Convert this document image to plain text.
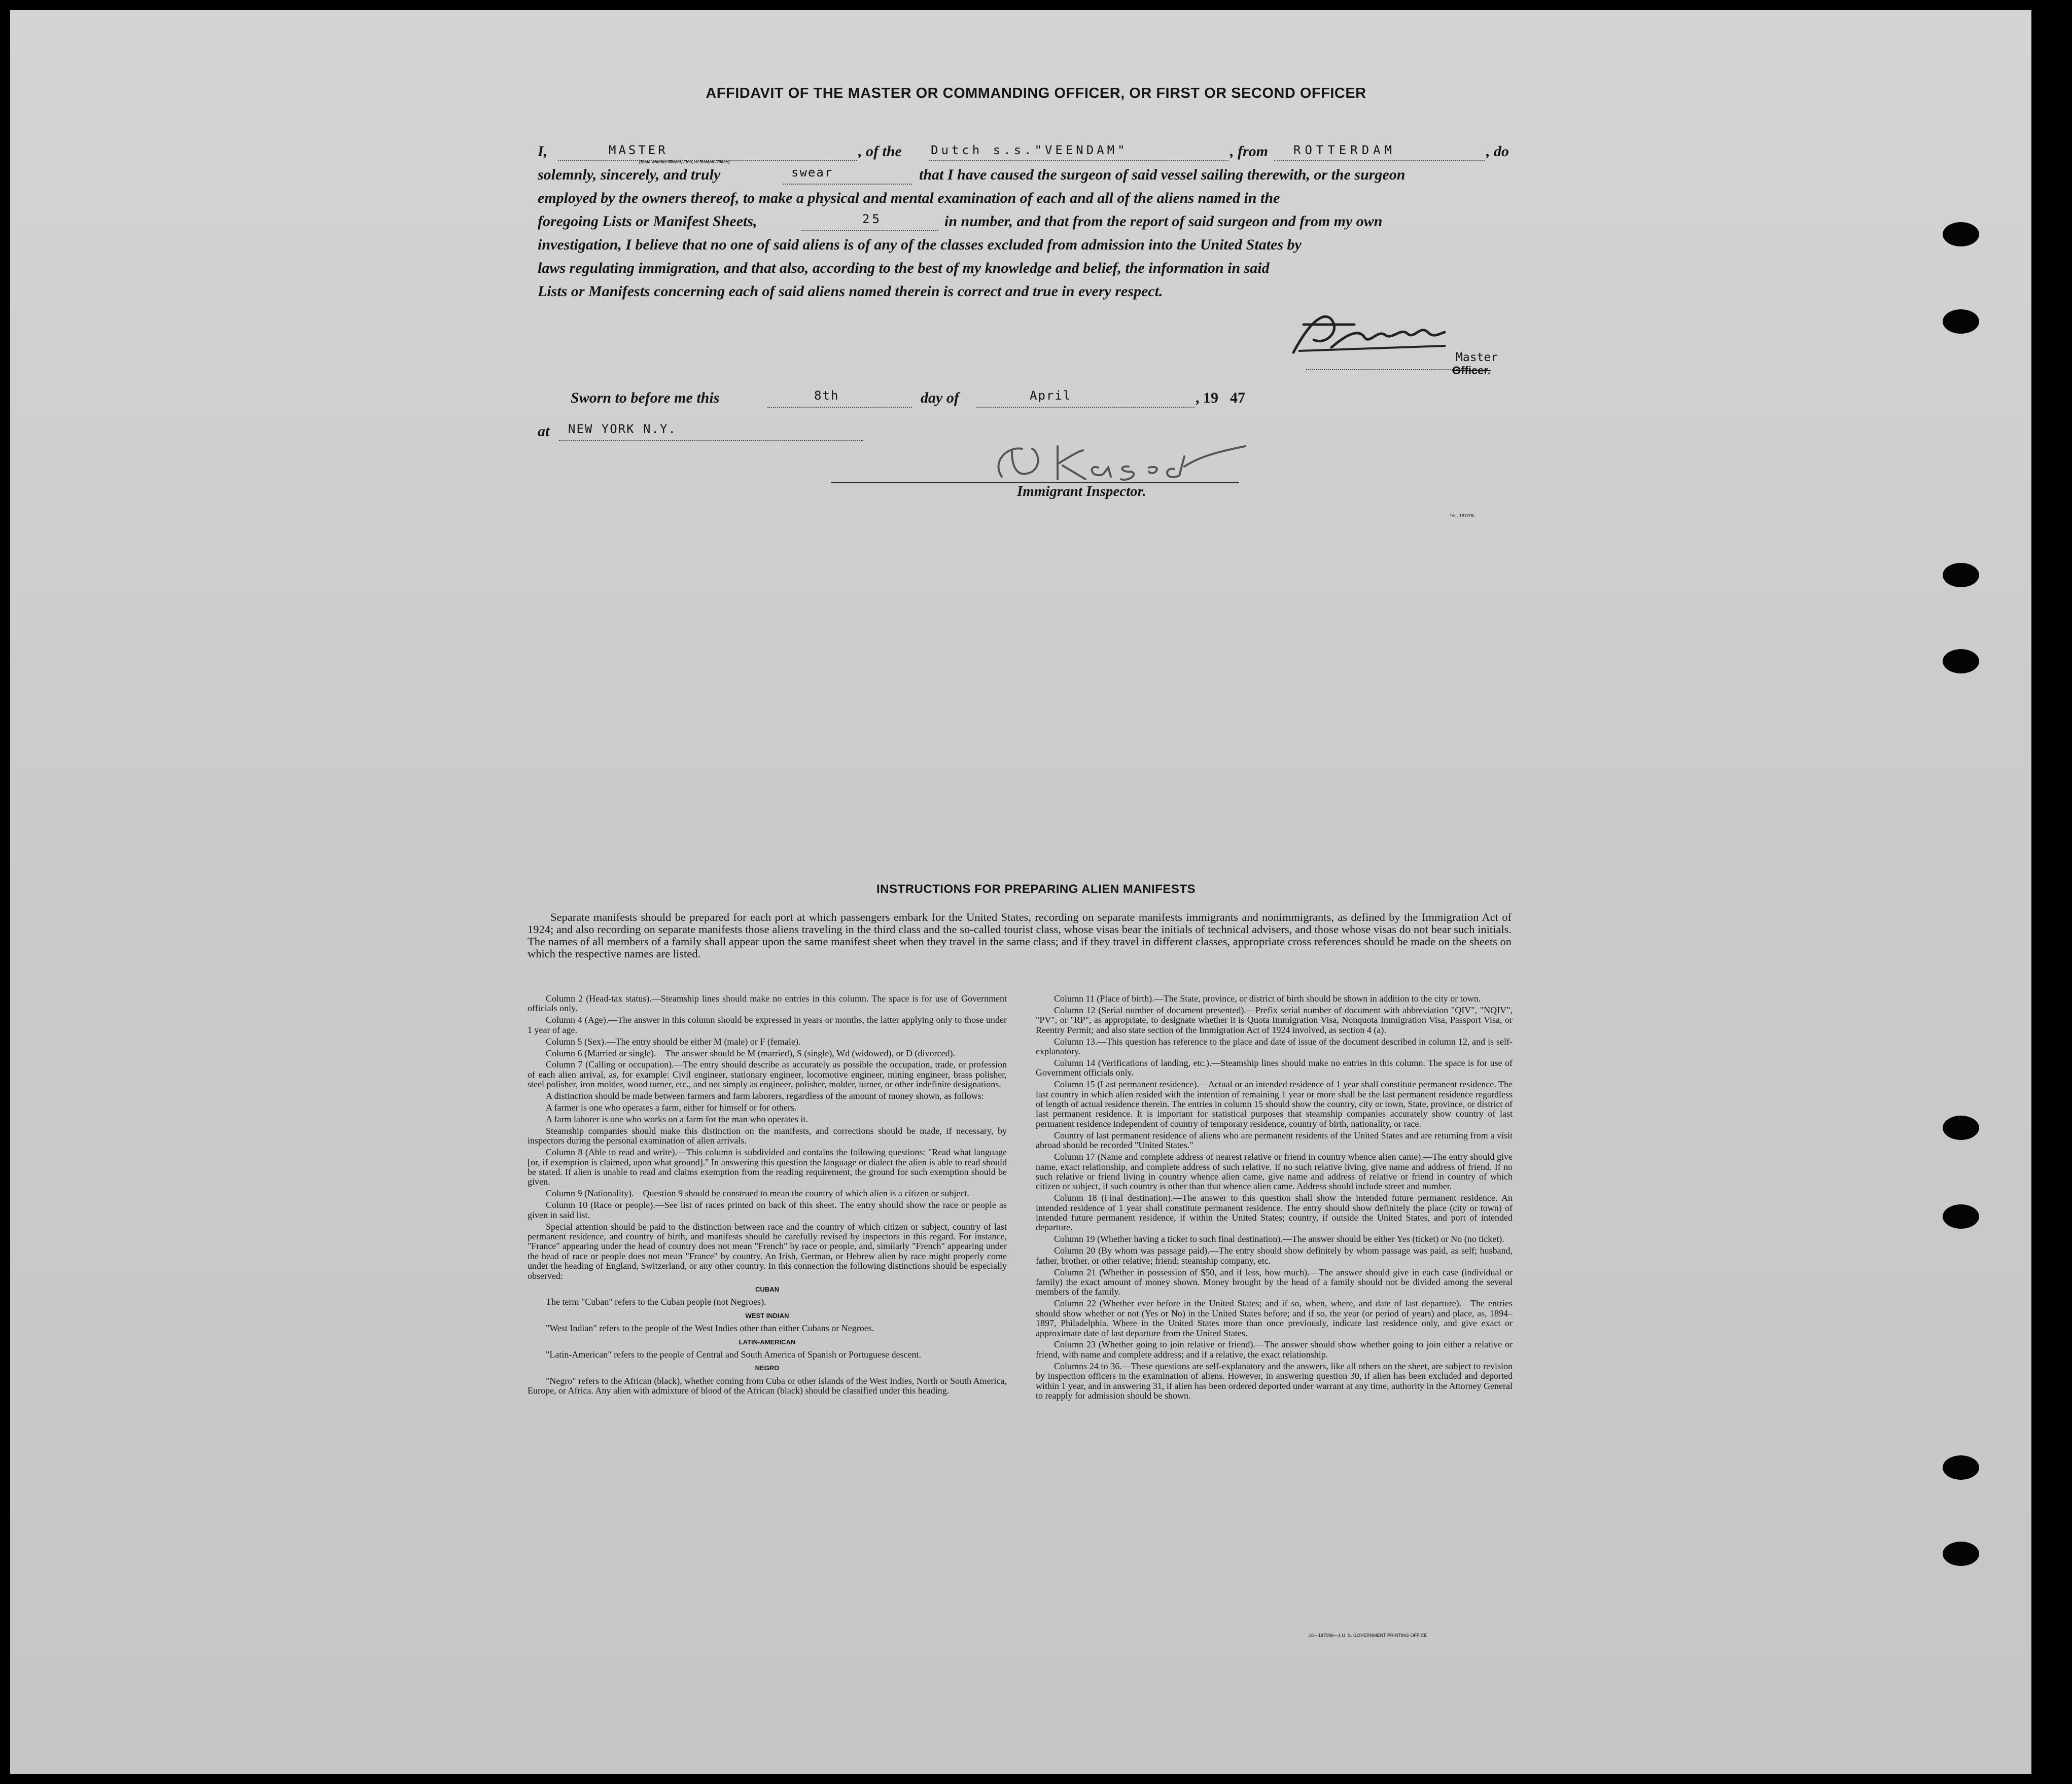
AFFIDAVIT OF THE MASTER OR COMMANDING OFFICER, OR FIRST OR SECOND OFFICER
I,	MASTER
(State whether Master, First, or Second Officer)
, of the Dutch s.s."VEENDAM"	, from ROTTERDAM	, do
solemnly, sincerely, and truly	swear	that I have caused the surgeon of said vessel sailing therewith, or the surgeon
employed by the owners thereof, to make a physical and mental examination of each and all of the aliens named in the
foregoing Lists or Manifest Sheets,	25	in number, and that from the report of said surgeon and from my own
investigation, I believe that no one of said aliens is of any of the classes excluded from admission into the United States by
laws regulating immigration, and that also, according to the best of my knowledge and belief, the information in said
Lists or Manifests concerning each of said aliens named therein is correct and true in every respect.
Master
Officer.
Sworn to before me this	8th	day of	April	, 19 47
at NEW YORK N.Y.
Immigrant Inspector.
16—18709b
INSTRUCTIONS FOR PREPARING ALIEN MANIFESTS
Separate manifests should be prepared for each port at which passengers embark for the United States, recording on separate manifests immigrants and nonimmigrants, as defined by the Immigration Act of 1924; and also recording on separate manifests those aliens traveling in the third class and the so-called tourist class, whose visas bear the initials of technical advisers, and those whose visas do not bear such initials. The names of all members of a family shall appear upon the same manifest sheet when they travel in the same class; and if they travel in different classes, appropriate cross references should be made on the sheets on which the respective names are listed.

Column 2 (Head-tax status).—Steamship lines should make no entries in this column. The space is for use of Government officials only.

Column 4 (Age).—The answer in this column should be expressed in years or months, the latter applying only to those under 1 year of age.

Column 5 (Sex).—The entry should be either M (male) or F (female).

Column 6 (Married or single).—The answer should be M (married), S (single), Wd (widowed), or D (divorced).

Column 7 (Calling or occupation).—The entry should describe as accurately as possible the occupation, trade, or profession of each alien arrival, as, for example: Civil engineer, stationary engineer, locomotive engineer, mining engineer, brass polisher, steel polisher, iron molder, wood turner, etc., and not simply as engineer, polisher, molder, turner, or other indefinite designations.

A distinction should be made between farmers and farm laborers, regardless of the amount of money shown, as follows:

A farmer is one who operates a farm, either for himself or for others.

A farm laborer is one who works on a farm for the man who operates it.

Steamship companies should make this distinction on the manifests, and corrections should be made, if necessary, by inspectors during the personal examination of alien arrivals.

Column 8 (Able to read and write).—This column is subdivided and contains the following questions: "Read what language [or, if exemption is claimed, upon what ground]." In answering this question the language or dialect the alien is able to read should be stated. If alien is unable to read and claims exemption from the reading requirement, the ground for such exemption should be given.

Column 9 (Nationality).—Question 9 should be construed to mean the country of which alien is a citizen or subject.

Column 10 (Race or people).—See list of races printed on back of this sheet. The entry should show the race or people as given in said list.

Special attention should be paid to the distinction between race and the country of which citizen or subject, country of last permanent residence, and country of birth, and manifests should be carefully revised by inspectors in this regard. For instance, "France" appearing under the head of country does not mean "French" by race or people, and, similarly "French" appearing under the head of race or people does not mean "France" by country. An Irish, German, or Hebrew alien by race might properly come under the heading of England, Switzerland, or any other country. In this connection the following distinctions should be especially observed:

CUBAN

The term "Cuban" refers to the Cuban people (not Negroes).

WEST INDIAN

"West Indian" refers to the people of the West Indies other than either Cubans or Negroes.

LATIN-AMERICAN

"Latin-American" refers to the people of Central and South America of Spanish or Portuguese descent.

NEGRO

"Negro" refers to the African (black), whether coming from Cuba or other islands of the West Indies, North or South America, Europe, or Africa. Any alien with admixture of blood of the African (black) should be classified under this heading.

Column 11 (Place of birth).—The State, province, or district of birth should be shown in addition to the city or town.

Column 12 (Serial number of document presented).—Prefix serial number of document with abbreviation "QIV", "NQIV", "PV", or "RP", as appropriate, to designate whether it is Quota Immigration Visa, Nonquota Immigration Visa, Passport Visa, or Reentry Permit; and also state section of the Immigration Act of 1924 involved, as section 4 (a).

Column 13.—This question has reference to the place and date of issue of the document described in column 12, and is self-explanatory.

Column 14 (Verifications of landing, etc.).—Steamship lines should make no entries in this column. The space is for use of Government officials only.

Column 15 (Last permanent residence).—Actual or an intended residence of 1 year shall constitute permanent residence. The last country in which alien resided with the intention of remaining 1 year or more shall be the last permanent residence regardless of length of actual residence therein. The entries in column 15 should show the country, city or town, State, province, or district of last permanent residence. It is important for statistical purposes that steamship companies accurately show country of last permanent residence independent of country of temporary residence, country of birth, nationality, or race.

Country of last permanent residence of aliens who are permanent residents of the United States and are returning from a visit abroad should be recorded "United States."

Column 17 (Name and complete address of nearest relative or friend in country whence alien came).—The entry should give name, exact relationship, and complete address of such relative. If no such relative living, give name and address of friend. If no such relative or friend living in country whence alien came, give name and address of relative or friend in country of which citizen or subject, if such country is other than that whence alien came. Address should include street and number.

Column 18 (Final destination).—The answer to this question shall show the intended future permanent residence. An intended residence of 1 year shall constitute permanent residence. The entry should show definitely the place (city or town) of intended future permanent residence, if within the United States; country, if outside the United States, and port of intended departure.

Column 19 (Whether having a ticket to such final destination).—The answer should be either Yes (ticket) or No (no ticket).

Column 20 (By whom was passage paid).—The entry should show definitely by whom passage was paid, as self; husband, father, brother, or other relative; friend; steamship company, etc.

Column 21 (Whether in possession of $50, and if less, how much).—The answer should give in each case (individual or family) the exact amount of money shown. Money brought by the head of a family should not be divided among the several members of the family.

Column 22 (Whether ever before in the United States; and if so, when, where, and date of last departure).—The entries should show whether or not (Yes or No) in the United States before; and if so, the year (or period of years) and place, as, 1894–1897, Philadelphia. Where in the United States more than once previously, indicate last residence only, and give exact or approximate date of last departure from the United States.

Column 23 (Whether going to join relative or friend).—The answer should show whether going to join either a relative or friend, with name and complete address; and if a relative, the exact relationship.

Columns 24 to 36.—These questions are self-explanatory and the answers, like all others on the sheet, are subject to revision by inspection officers in the examination of aliens. However, in answering question 30, if alien has been excluded and deported within 1 year, and in answering 31, if alien has been ordered deported under warrant at any time, authority in the Attorney General to reapply for admission should be shown.

16—18709b—1 U. S. GOVERNMENT PRINTING OFFICE
